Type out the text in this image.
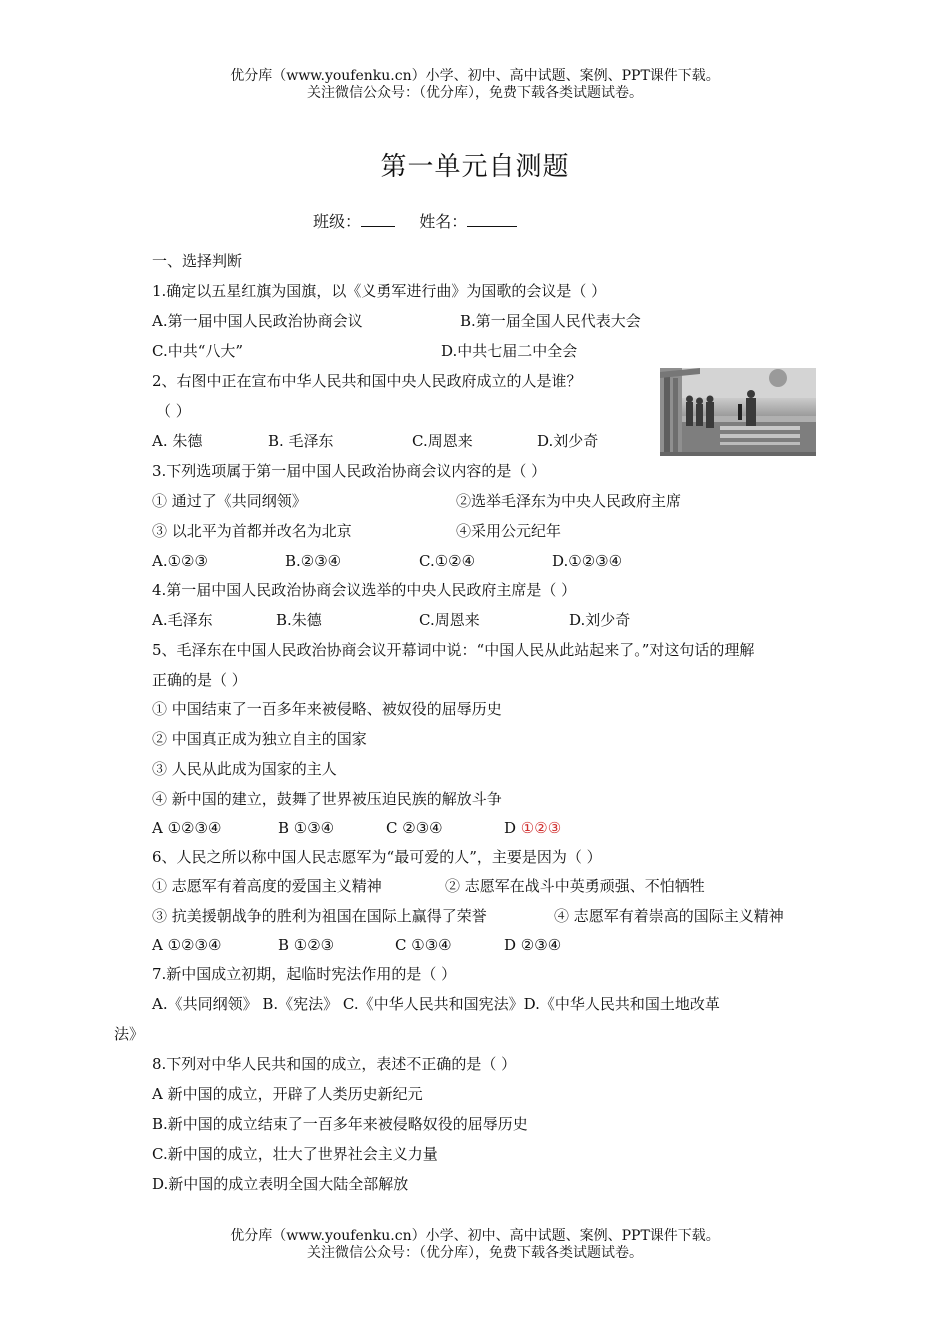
优分库（www.youfenku.cn）小学、初中、高中试题、案例、PPT课件下载。
关注微信公众号：（优分库），免费下载各类试题试卷。
第一单元自测题
班级：	姓名：
一、选择判断
1.确定以五星红旗为国旗，以《义勇军进行曲》为国歌的会议是（ ）
A.第一届中国人民政治协商会议	B.第一届全国人民代表大会
C.中共“八大”	D.中共七届二中全会
2、右图中正在宣布中华人民共和国中央人民政府成立的人是谁？
（ ）
A. 朱德	B. 毛泽东	C.周恩来	D.刘少奇
3.下列选项属于第一届中国人民政治协商会议内容的是（ ）
① 通过了《共同纲领》	②选举毛泽东为中央人民政府主席
③ 以北平为首都并改名为北京	④采用公元纪年
A.①②③	B.②③④	C.①②④	D.①②③④
4.第一届中国人民政治协商会议选举的中央人民政府主席是（ ）
A.毛泽东	B.朱德	C.周恩来	D.刘少奇
5、毛泽东在中国人民政治协商会议开幕词中说：“中国人民从此站起来了。”对这句话的理解
正确的是（ ）
① 中国结束了一百多年来被侵略、被奴役的屈辱历史
② 中国真正成为独立自主的国家
③ 人民从此成为国家的主人
④ 新中国的建立，鼓舞了世界被压迫民族的解放斗争
A ①②③④	B ①③④	C ②③④	D ①②③
6、人民之所以称中国人民志愿军为“最可爱的人”，主要是因为（ ）
① 志愿军有着高度的爱国主义精神	② 志愿军在战斗中英勇顽强、不怕牺牲
③ 抗美援朝战争的胜利为祖国在国际上赢得了荣誉	④ 志愿军有着崇高的国际主义精神
A ①②③④	B ①②③	C ①③④	D ②③④
7.新中国成立初期，起临时宪法作用的是（ ）
A.《共同纲领》 B.《宪法》 C.《中华人民共和国宪法》D.《中华人民共和国土地改革
法》
8.下列对中华人民共和国的成立，表述不正确的是（ ）
A 新中国的成立，开辟了人类历史新纪元
B.新中国的成立结束了一百多年来被侵略奴役的屈辱历史
C.新中国的成立，壮大了世界社会主义力量
D.新中国的成立表明全国大陆全部解放
优分库（www.youfenku.cn）小学、初中、高中试题、案例、PPT课件下载。
关注微信公众号：（优分库），免费下载各类试题试卷。
